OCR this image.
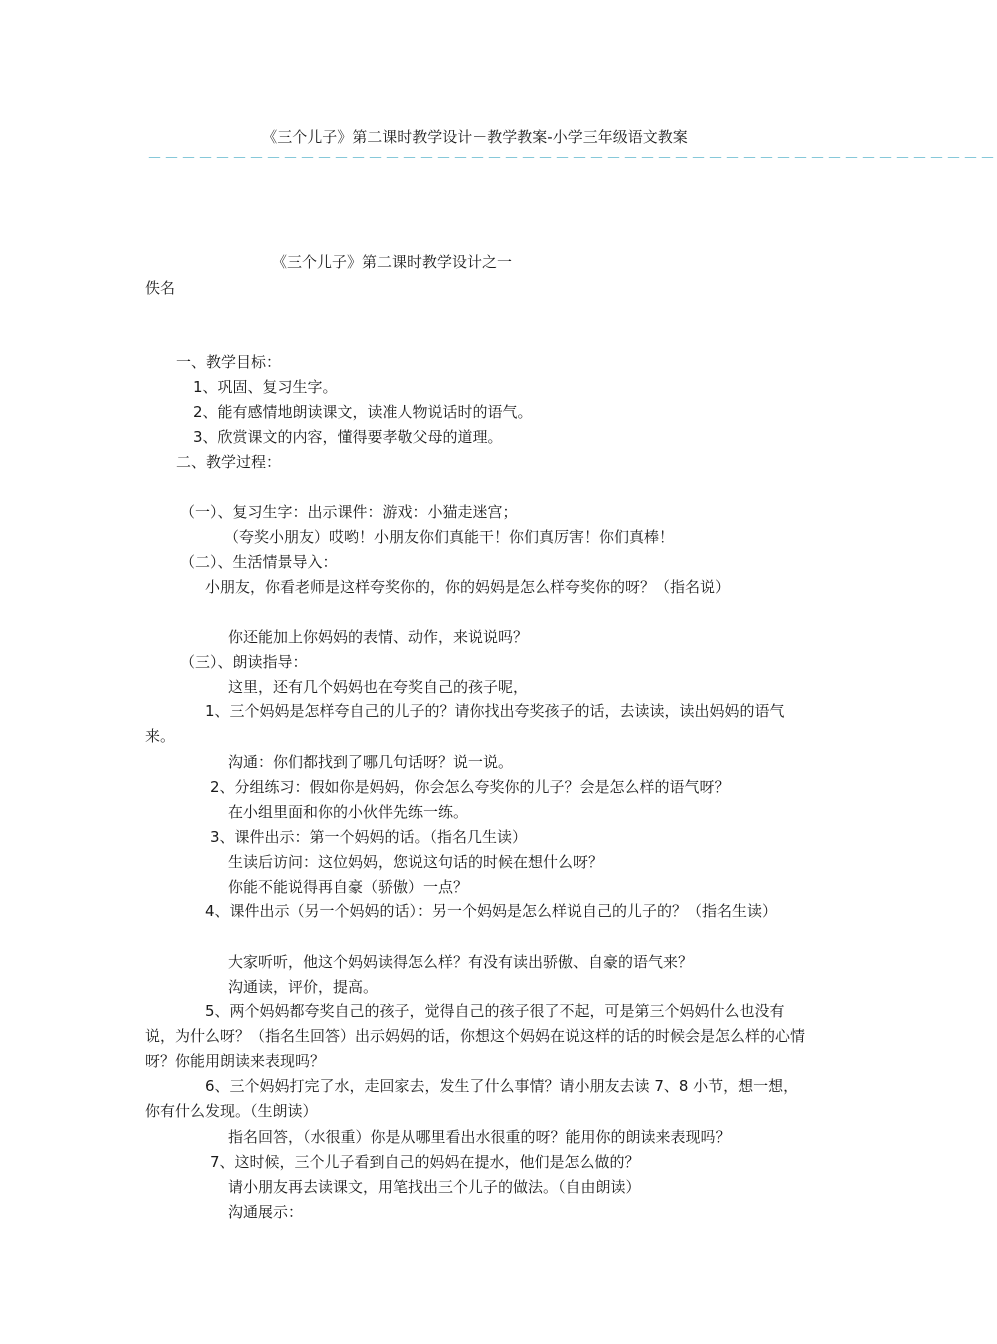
《三个儿子》第二课时教学设计－教学教案-小学三年级语文教案
－－－－－－－－－－－－－－－－－－－－－－－－－－－－－－－－－－－－－－－－－－－－－－－－－－
《三个儿子》第二课时教学设计之一
佚名
一、教学目标：
1、巩固、复习生字。
2、能有感情地朗读课文，读准人物说话时的语气。
3、欣赏课文的内容，懂得要孝敬父母的道理。
二、教学过程：
（一）、复习生字：出示课件：游戏：小猫走迷宫；
（夸奖小朋友）哎哟！小朋友你们真能干！你们真厉害！你们真棒！
（二）、生活情景导入：
　　　　小朋友，你看老师是这样夸奖你的，你的妈妈是怎么样夸奖你的呀？（指名说）
你还能加上你妈妈的表情、动作，来说说吗？
（三）、朗读指导：
这里，还有几个妈妈也在夸奖自己的孩子呢，
　　　　1、三个妈妈是怎样夸自己的儿子的？请你找出夸奖孩子的话，去读读，读出妈妈的语气来。
沟通：你们都找到了哪几句话呀？说一说。
2、分组练习：假如你是妈妈，你会怎么夸奖你的儿子？会是怎么样的语气呀？
在小组里面和你的小伙伴先练一练。
3、课件出示：第一个妈妈的话。（指名几生读）
生读后访问：这位妈妈，您说这句话的时候在想什么呀？
你能不能说得再自豪（骄傲）一点？
　　　　4、课件出示（另一个妈妈的话）：另一个妈妈是怎么样说自己的儿子的？（指名生读）
大家听听，他这个妈妈读得怎么样？有没有读出骄傲、自豪的语气来？
沟通读，评价，提高。
　　　　5、两个妈妈都夸奖自己的孩子，觉得自己的孩子很了不起，可是第三个妈妈什么也没有说，为什么呀？（指名生回答）出示妈妈的话，你想这个妈妈在说这样的话的时候会是怎么样的心情呀？你能用朗读来表现吗？
　　　　6、三个妈妈打完了水，走回家去，发生了什么事情？请小朋友去读 7、8 小节，想一想，你有什么发现。（生朗读）
指名回答，（水很重）你是从哪里看出水很重的呀？能用你的朗读来表现吗？
7、这时候，三个儿子看到自己的妈妈在提水，他们是怎么做的？
请小朋友再去读课文，用笔找出三个儿子的做法。（自由朗读）
沟通展示：
